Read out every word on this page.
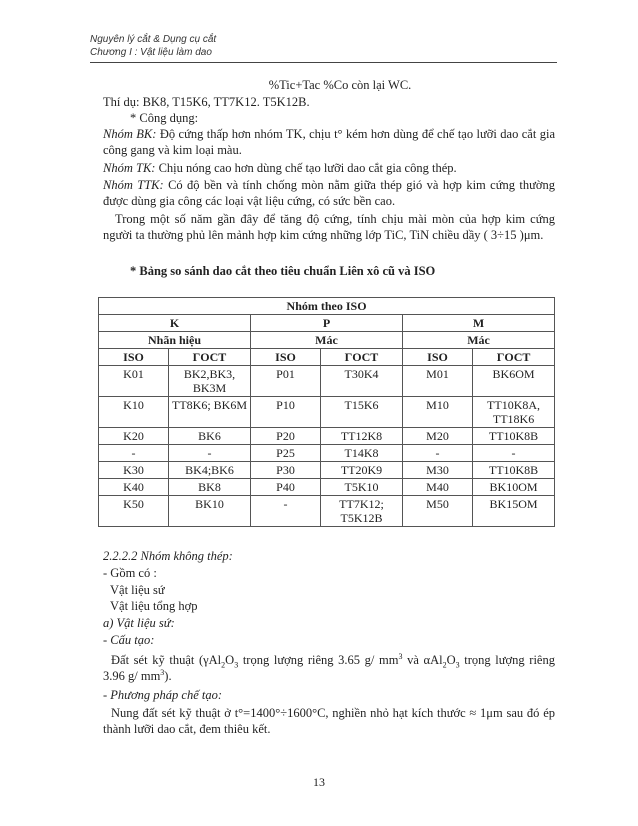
Nguyên lý cắt & Dụng cụ cắt
Chương I : Vật liệu làm dao

%Tic+Tac %Co còn lại WC.

Thí dụ: BK8, T15K6, TT7K12. T5K12B.

* Công dụng:

Nhóm BK: Độ cứng thấp hơn nhóm TK, chịu t° kém hơn dùng để chế tạo lưỡi dao cắt gia công gang và kim loại màu.

Nhóm TK: Chịu nóng cao hơn dùng chế tạo lưỡi dao cắt gia công thép.

Nhóm TTK: Có độ bền và tính chống mòn nằm giữa thép gió và hợp kim cứng thường được dùng gia công các loại vật liệu cứng, có sức bền cao.

Trong một số năm gần đây để tăng độ cứng, tính chịu mài mòn của hợp kim cứng người ta thường phủ lên mảnh hợp kim cứng những lớp TiC, TiN chiều dầy ( 3÷15 )μm.

* Bảng so sánh dao cắt theo tiêu chuẩn Liên xô cũ và ISO

Nhóm theo ISO					
K		P		M	
Nhãn hiệu		Mác		Mác	
ISO	ΓOCT	ISO	ΓOCT	ISO	ΓOCT
K01	BK2,BK3, BK3M	P01	T30K4	M01	BK6OM
K10	TT8K6; BK6M	P10	T15K6	M10	TT10K8A, TT18K6
K20	BK6	P20	TT12K8	M20	TT10K8B
-	-	P25	T14K8	-	-
K30	BK4;BK6	P30	TT20K9	M30	TT10K8B
K40	BK8	P40	T5K10	M40	BK10OM
K50	BK10	-	TT7K12; T5K12B	M50	BK15OM

2.2.2.2 Nhóm không thép:

- Gồm có :

Vật liệu sứ

Vật liệu tổng hợp

a) Vật liệu sứ:

- Cấu tạo:

Đất sét kỹ thuật ($\gamma Al_2O_3$ trọng lượng riêng 3.65 g/ $mm^3$ và $\alpha Al_2O_3$ trọng lượng riêng 3.96 g/ $mm^3$).

- Phương pháp chế tạo:

Nung đất sét kỹ thuật ở t°=1400°÷1600°C, nghiền nhỏ hạt kích thước ≈ 1μm sau đó ép thành lưỡi dao cắt, đem thiêu kết.

13
